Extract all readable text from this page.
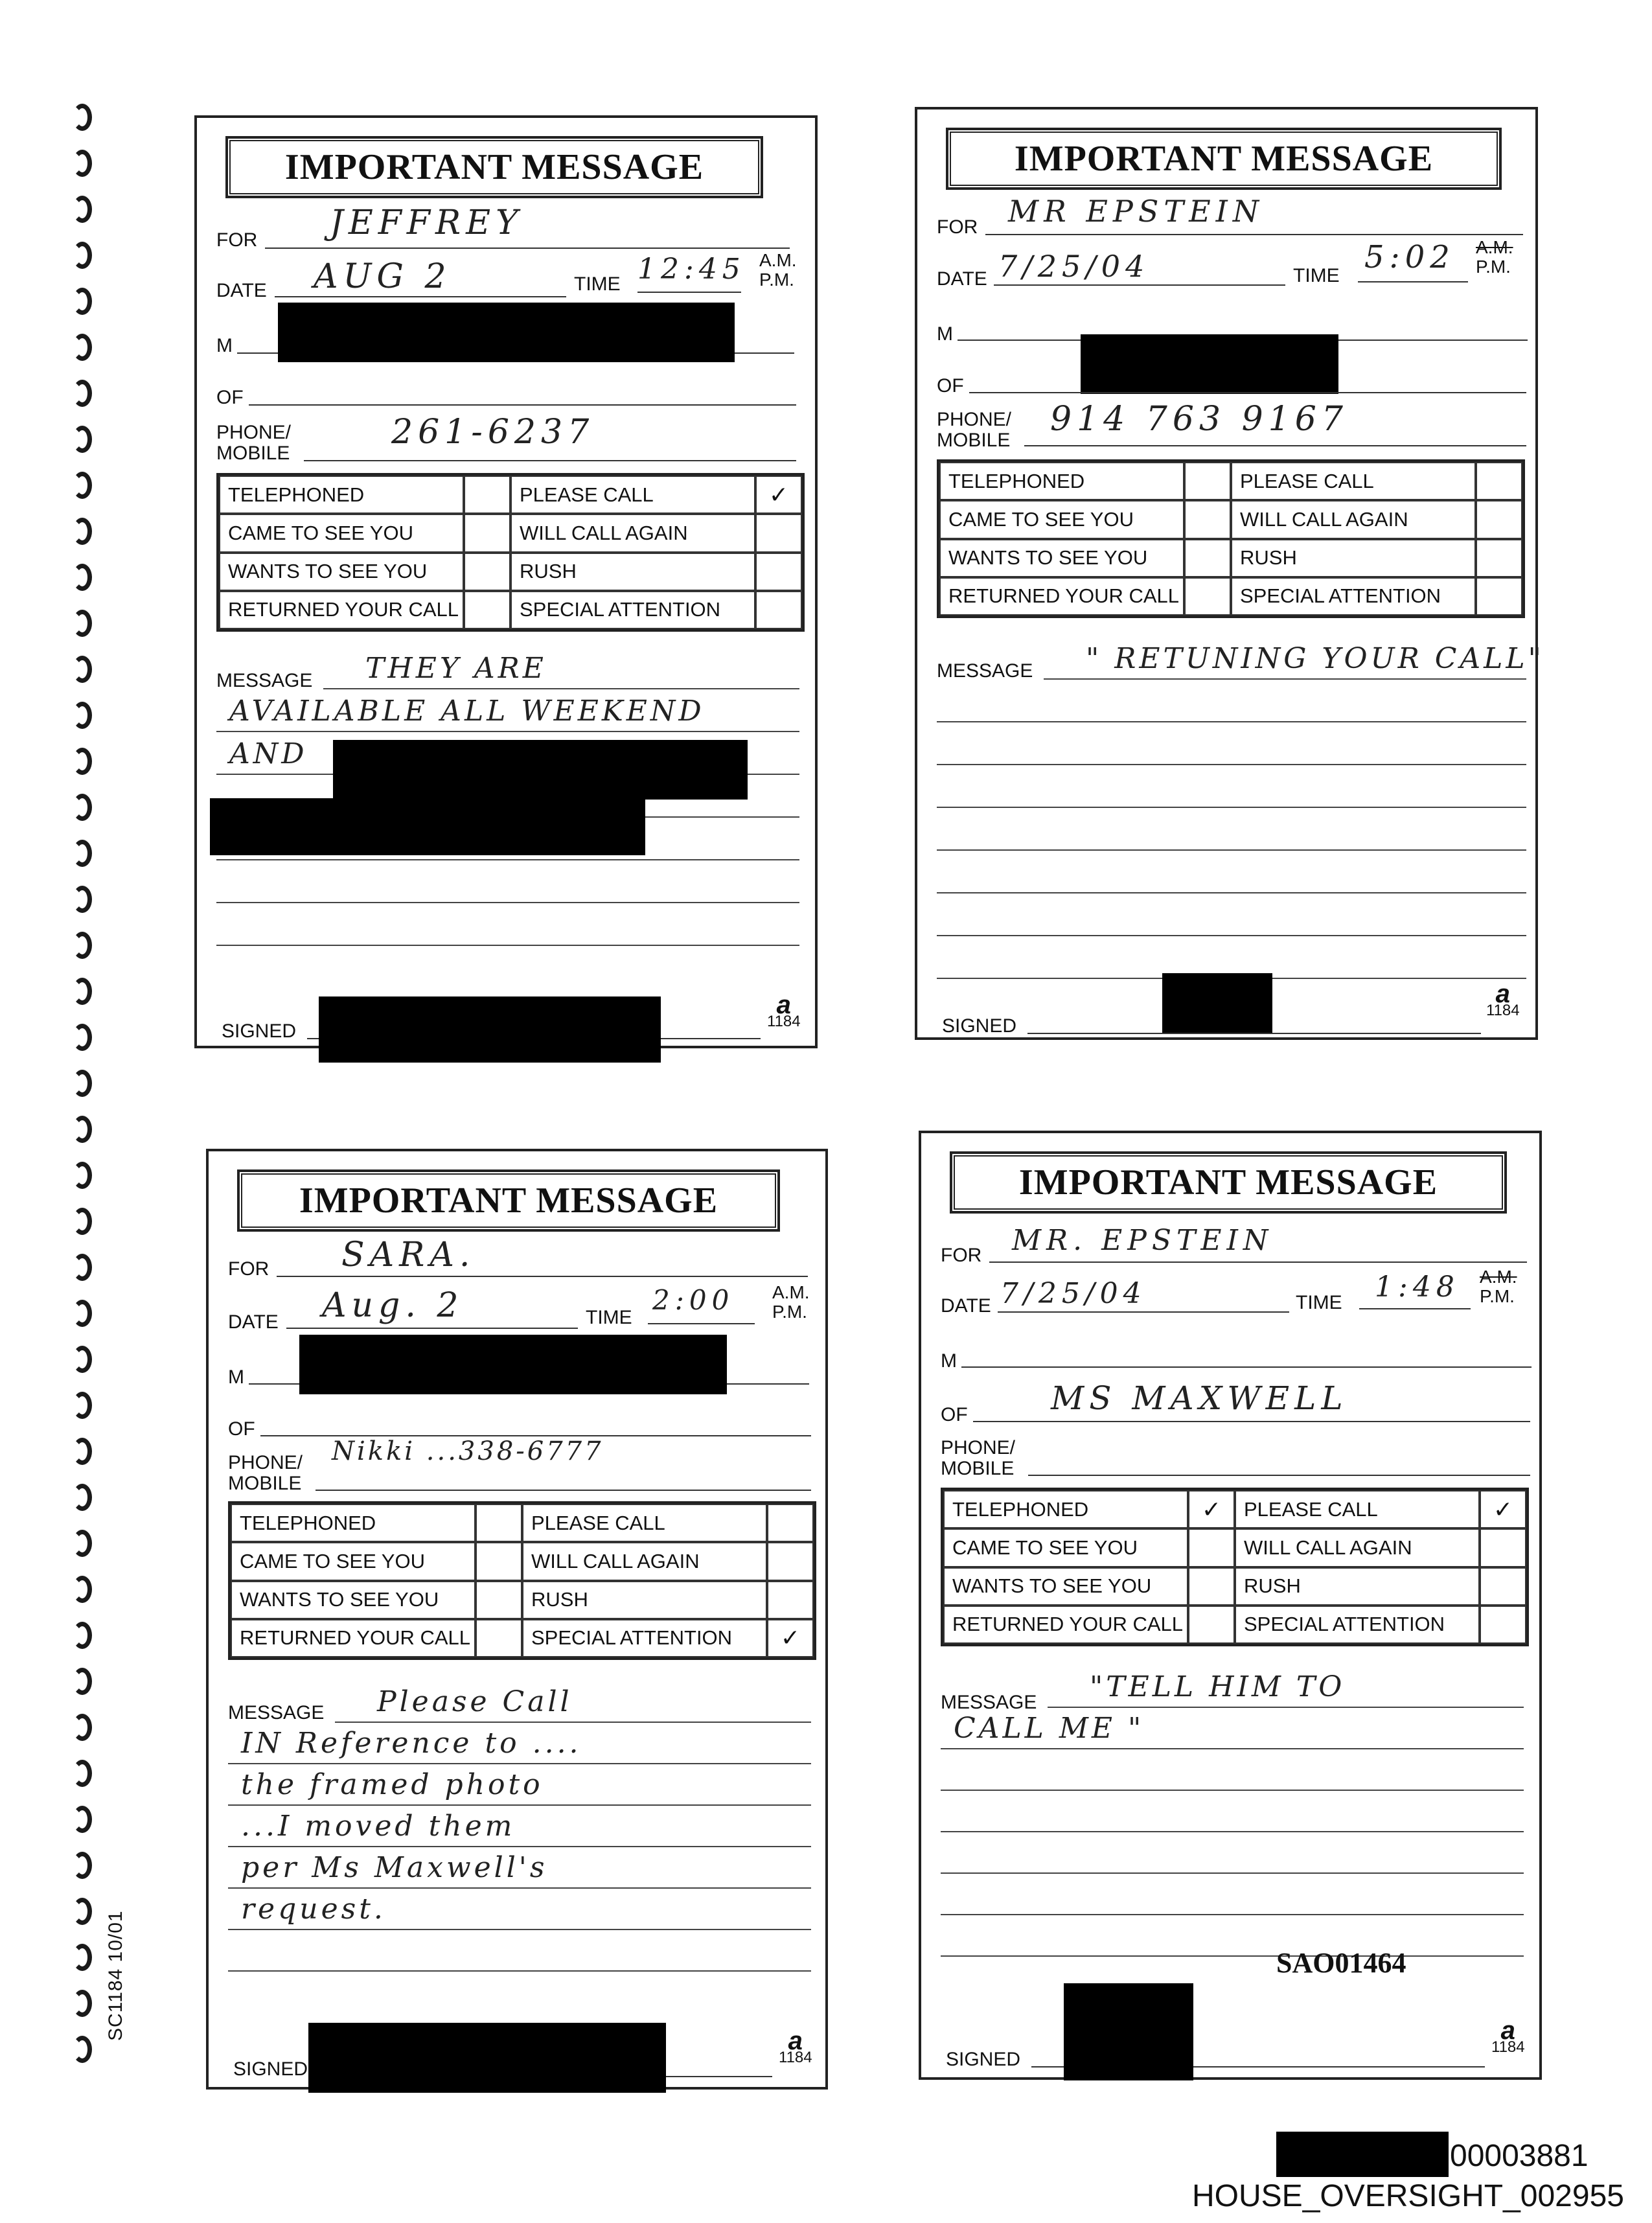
SC1184 10/01
IMPORTANT MESSAGE
FOR JEFFREY
DATE AUG 2	TIME 12:45 A.M.
P.M.
M
OF
PHONE/
MOBILE
261-6237
TELEPHONED	PLEASE CALL	✓
CAME TO SEE YOU	WILL CALL AGAIN
WANTS TO SEE YOU	RUSH
RETURNED YOUR CALL	SPECIAL ATTENTION
MESSAGE THEY ARE
AVAILABLE ALL WEEKEND
AND
SIGNED
a
1184
IMPORTANT MESSAGE
FOR MR EPSTEIN
DATE 7/25/04	TIME
5:02 A.M.
P.M.
M
OF
PHONE/
MOBILE
914 763 9167
TELEPHONED	PLEASE CALL
CAME TO SEE YOU	WILL CALL AGAIN
WANTS TO SEE YOU	RUSH
RETURNED YOUR CALL	SPECIAL ATTENTION
MESSAGE " RETUNING YOUR CALL"
SIGNED
a
1184
IMPORTANT MESSAGE
FOR SARA.
DATE Aug. 2	TIME
2:00 A.M.
P.M.
M
OF
PHONE/
MOBILE
Nikki ...338-6777
TELEPHONED	PLEASE CALL
CAME TO SEE YOU	WILL CALL AGAIN
WANTS TO SEE YOU	RUSH
RETURNED YOUR CALL	SPECIAL ATTENTION	✓
MESSAGE Please Call
IN Reference to ....
the framed photo
...I moved them
per Ms Maxwell's
request.
SIGNED
a
1184
IMPORTANT MESSAGE
FOR MR. EPSTEIN
DATE 7/25/04	TIME 1:48 A.M.
P.M.
M
OF	MS MAXWELL
PHONE/
MOBILE
TELEPHONED	✓	PLEASE CALL	✓
CAME TO SEE YOU	WILL CALL AGAIN
WANTS TO SEE YOU	RUSH
RETURNED YOUR CALL	SPECIAL ATTENTION
MESSAGE "TELL HIM TO
CALL ME "
SAO01464
SIGNED
a
1184
00003881
HOUSE_OVERSIGHT_002955
